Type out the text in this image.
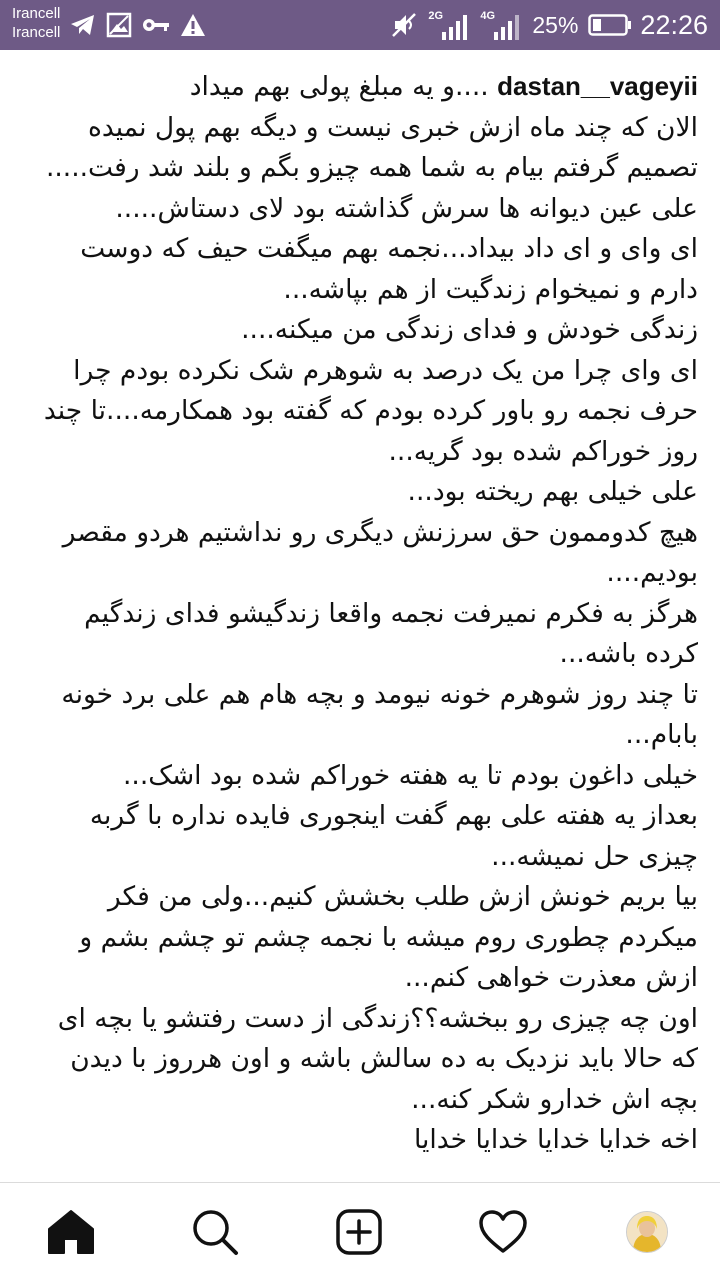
Irancell
Irancell
2G	4G 25% 22:26

dastan__vageyii ....و یه مبلغ پولی بهم میداد

الان که چند ماه ازش خبری نیست و دیگه بهم پول نمیده تصمیم گرفتم بیام به شما همه چیزو بگم و بلند شد رفت.....

علی عین دیوانه ها سرش گذاشته بود لای دستاش.....

ای وای و ای داد بیداد...نجمه بهم میگفت حیف که دوست دارم و نمیخوام زندگیت از هم بپاشه...

زندگی خودش و فدای زندگی من میکنه....

ای وای چرا من یک درصد به شوهرم شک نکرده بودم چرا حرف نجمه رو باور کرده بودم که گفته بود همکارمه....تا چند روز خوراکم شده بود گریه...

علی خیلی بهم ریخته بود...

هیچ کدوممون حق سرزنش دیگری رو نداشتیم هردو مقصر بودیم....

هرگز به فکرم نمیرفت نجمه واقعا زندگیشو فدای زندگیم کرده باشه...

تا چند روز شوهرم خونه نیومد و بچه هام هم علی برد خونه بابام...

خیلی داغون بودم تا یه هفته خوراکم شده بود اشک...

بعداز یه هفته علی بهم گفت اینجوری فایده نداره با گربه چیزی حل نمیشه...

بیا بریم خونش ازش طلب بخشش کنیم...ولی من فکر میکردم چطوری روم میشه با نجمه چشم تو چشم بشم و ازش معذرت خواهی کنم...

اون چه چیزی رو ببخشه؟؟زندگی از دست رفتشو یا بچه ای که حالا باید نزدیک به ده سالش باشه و اون هرروز با دیدن بچه اش خدارو شکر کنه...

اخه خدایا خدایا خدایا خدایا
